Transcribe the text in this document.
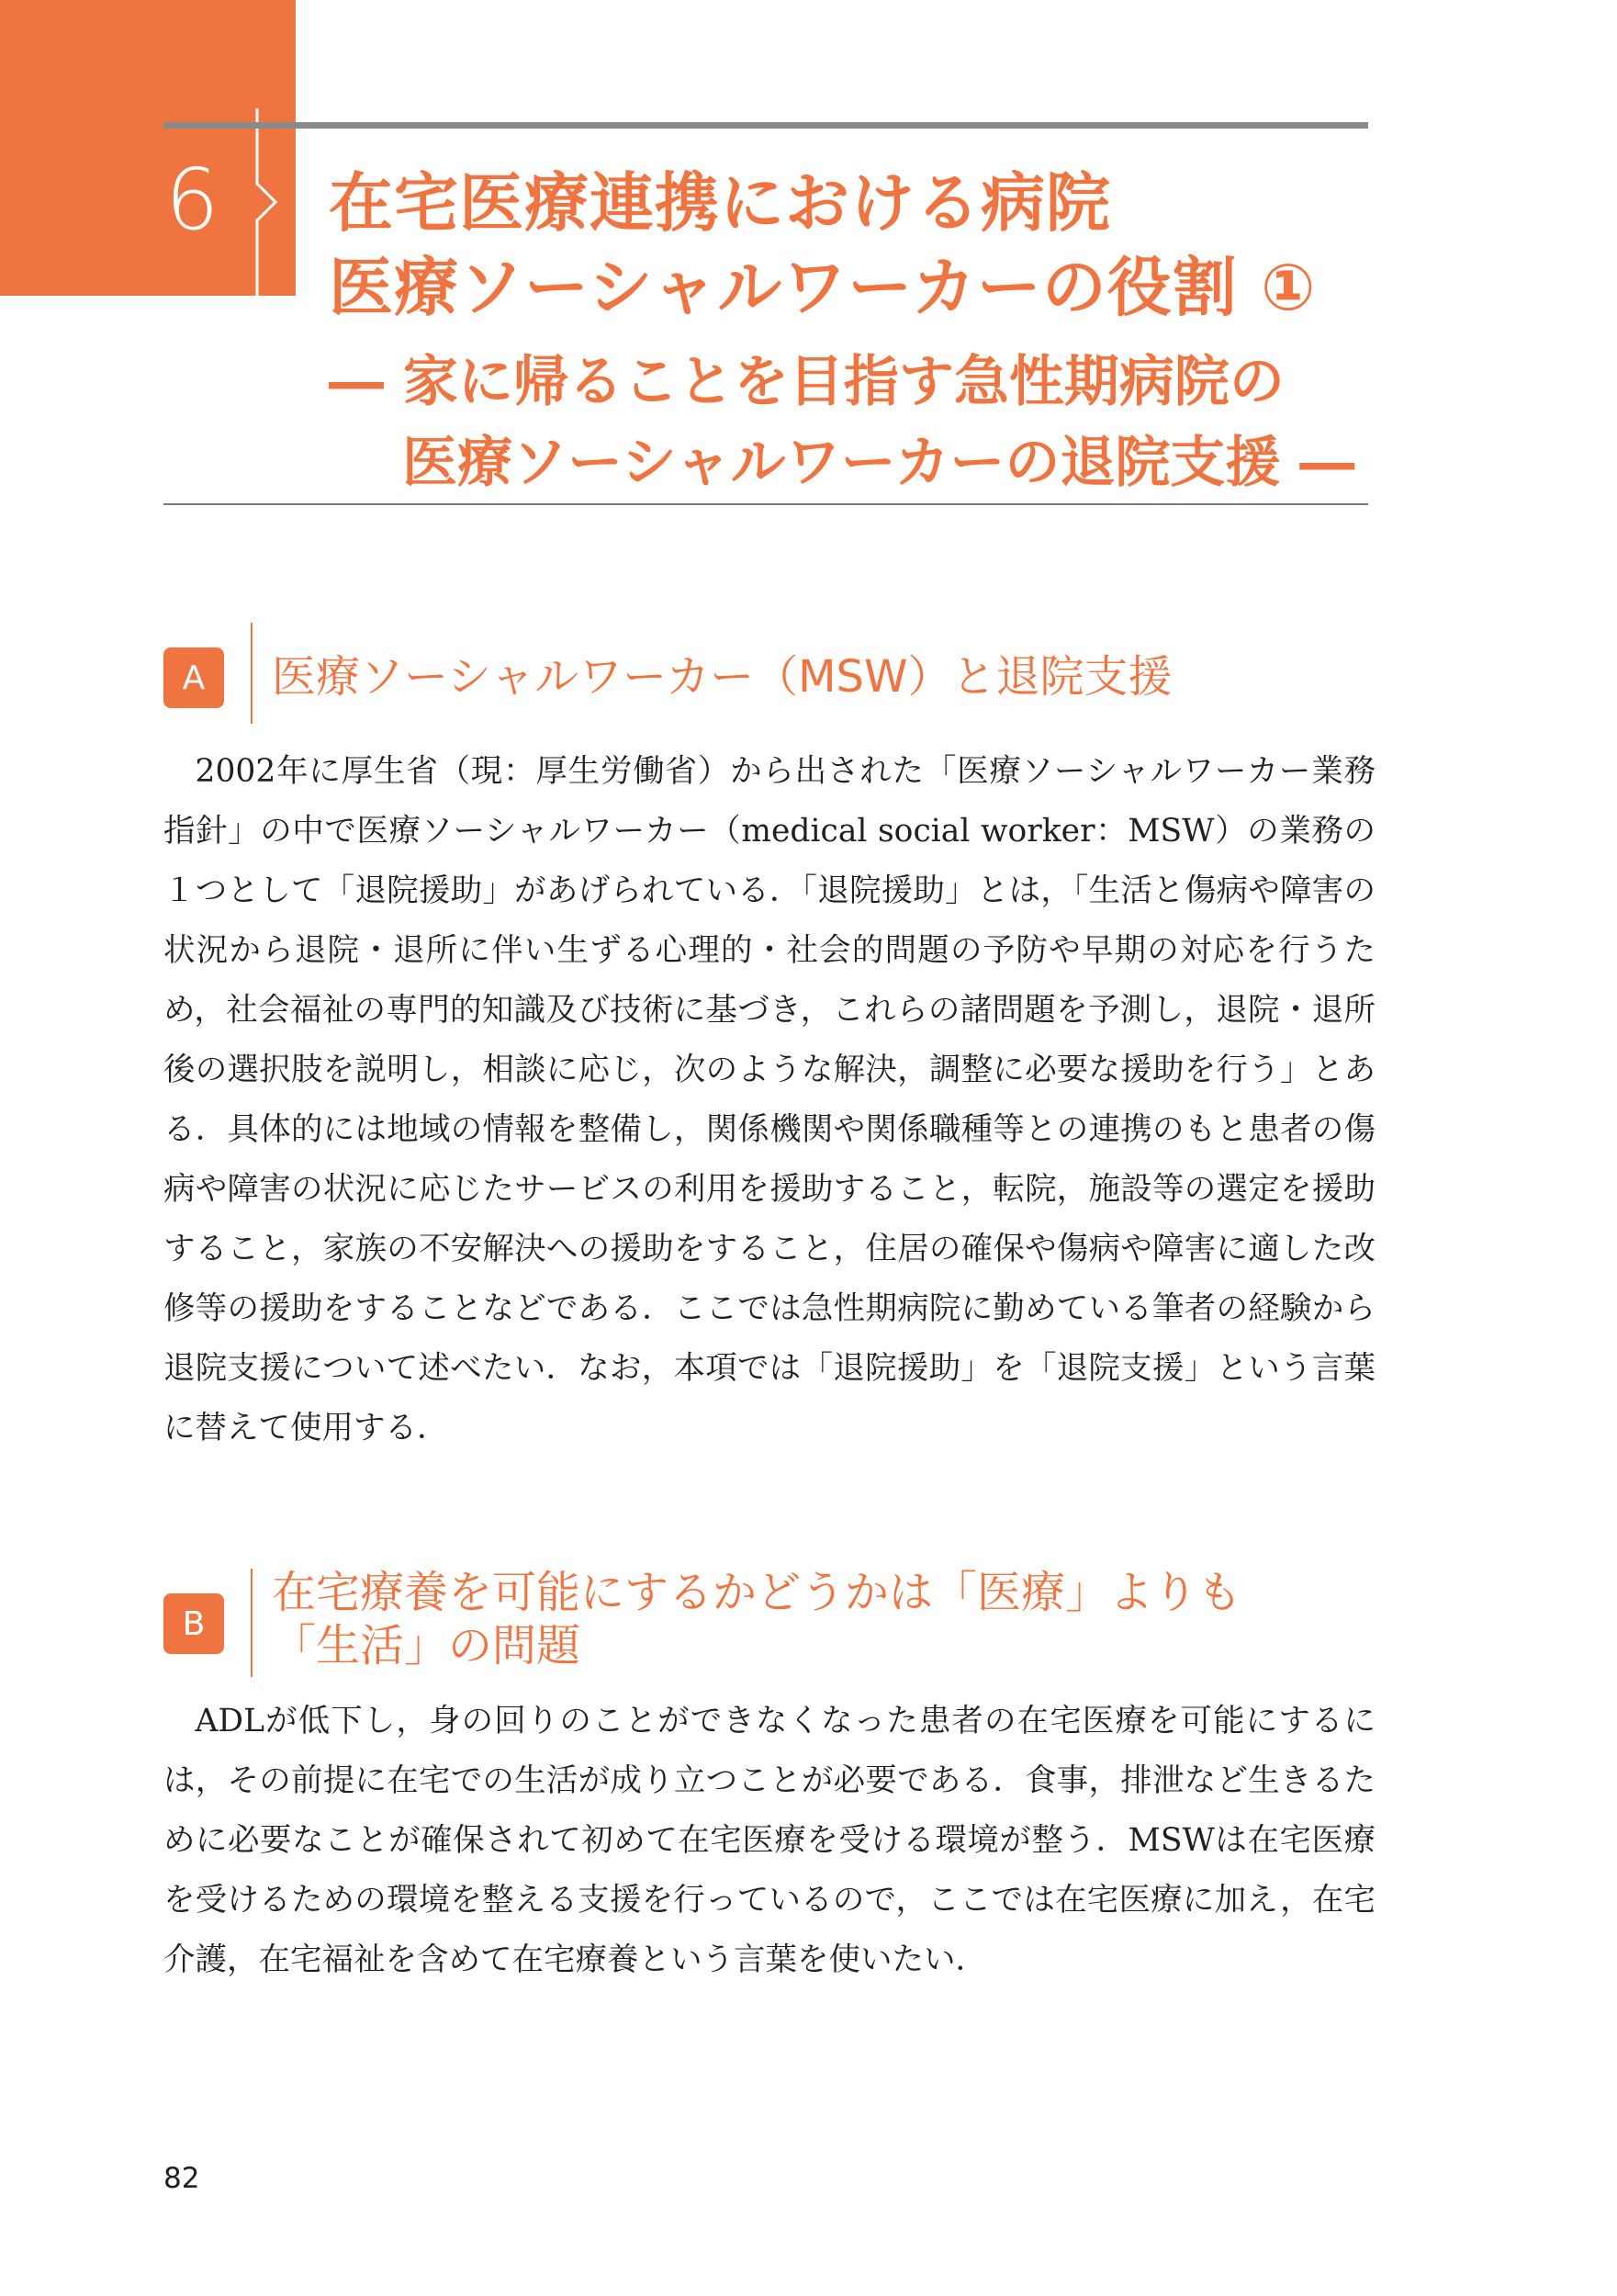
6 在宅医療連携における病院
医療ソーシャルワーカーの役割 ①
― 家に帰ることを目指す急性期病院の
医療ソーシャルワーカーの退院支援 ―
A	医療ソーシャルワーカー（MSW）と退院支援

2002年に厚生省（現：厚生労働省）から出された「医療ソーシャルワーカー業務指針」の中で医療ソーシャルワーカー（medical social worker：MSW）の業務の１つとして「退院援助」があげられている．「退院援助」とは，「生活と傷病や障害の状況から退院・退所に伴い生ずる心理的・社会的問題の予防や早期の対応を行うため，社会福祉の専門的知識及び技術に基づき，これらの諸問題を予測し，退院・退所後の選択肢を説明し，相談に応じ，次のような解決，調整に必要な援助を行う」とある．具体的には地域の情報を整備し，関係機関や関係職種等との連携のもと患者の傷病や障害の状況に応じたサービスの利用を援助すること，転院，施設等の選定を援助すること，家族の不安解決への援助をすること，住居の確保や傷病や障害に適した改修等の援助をすることなどである．ここでは急性期病院に勤めている筆者の経験から退院支援について述べたい．なお，本項では「退院援助」を「退院支援」という言葉に替えて使用する．

B
在宅療養を可能にするかどうかは「医療」よりも
「生活」の問題

ADLが低下し，身の回りのことができなくなった患者の在宅医療を可能にするには，その前提に在宅での生活が成り立つことが必要である．食事，排泄など生きるために必要なことが確保されて初めて在宅医療を受ける環境が整う．MSWは在宅医療を受けるための環境を整える支援を行っているので，ここでは在宅医療に加え，在宅介護，在宅福祉を含めて在宅療養という言葉を使いたい．

82
